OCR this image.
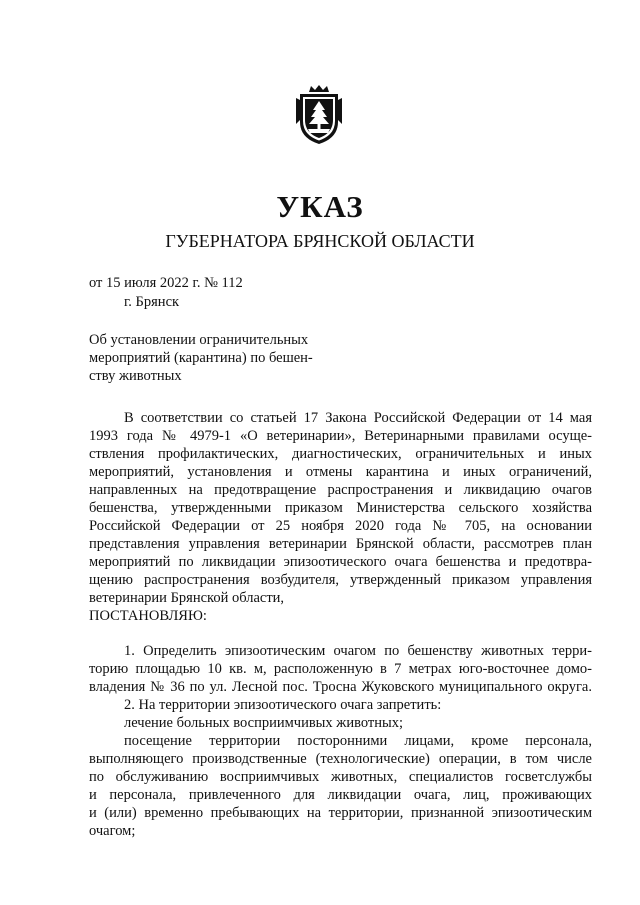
УКАЗ
ГУБЕРНАТОРА БРЯНСКОЙ ОБЛАСТИ
от 15 июля 2022 г. № 112
г. Брянск
Об установлении ограничительных
мероприятий (карантина) по бешен-
ству животных
В соответствии со статьей 17 Закона Российской Федерации от 14 мая
1993 года № 4979-1 «О ветеринарии», Ветеринарными правилами осуще-
ствления профилактических, диагностических, ограничительных и иных
мероприятий, установления и отмены карантина и иных ограничений,
направленных на предотвращение распространения и ликвидацию очагов
бешенства, утвержденными приказом Министерства сельского хозяйства
Российской Федерации от 25 ноября 2020 года № 705, на основании
представления управления ветеринарии Брянской области, рассмотрев план
мероприятий по ликвидации эпизоотического очага бешенства и предотвра-
щению распространения возбудителя, утвержденный приказом управления
ветеринарии Брянской области,
ПОСТАНОВЛЯЮ:
1. Определить эпизоотическим очагом по бешенству животных терри-
торию площадью 10 кв. м, расположенную в 7 метрах юго-восточнее домо-
владения № 36 по ул. Лесной пос. Тросна Жуковского муниципального округа.
2. На территории эпизоотического очага запретить:
лечение больных восприимчивых животных;
посещение территории посторонними лицами, кроме персонала,
выполняющего производственные (технологические) операции, в том числе
по обслуживанию восприимчивых животных, специалистов госветслужбы
и персонала, привлеченного для ликвидации очага, лиц, проживающих
и (или) временно пребывающих на территории, признанной эпизоотическим
очагом;
